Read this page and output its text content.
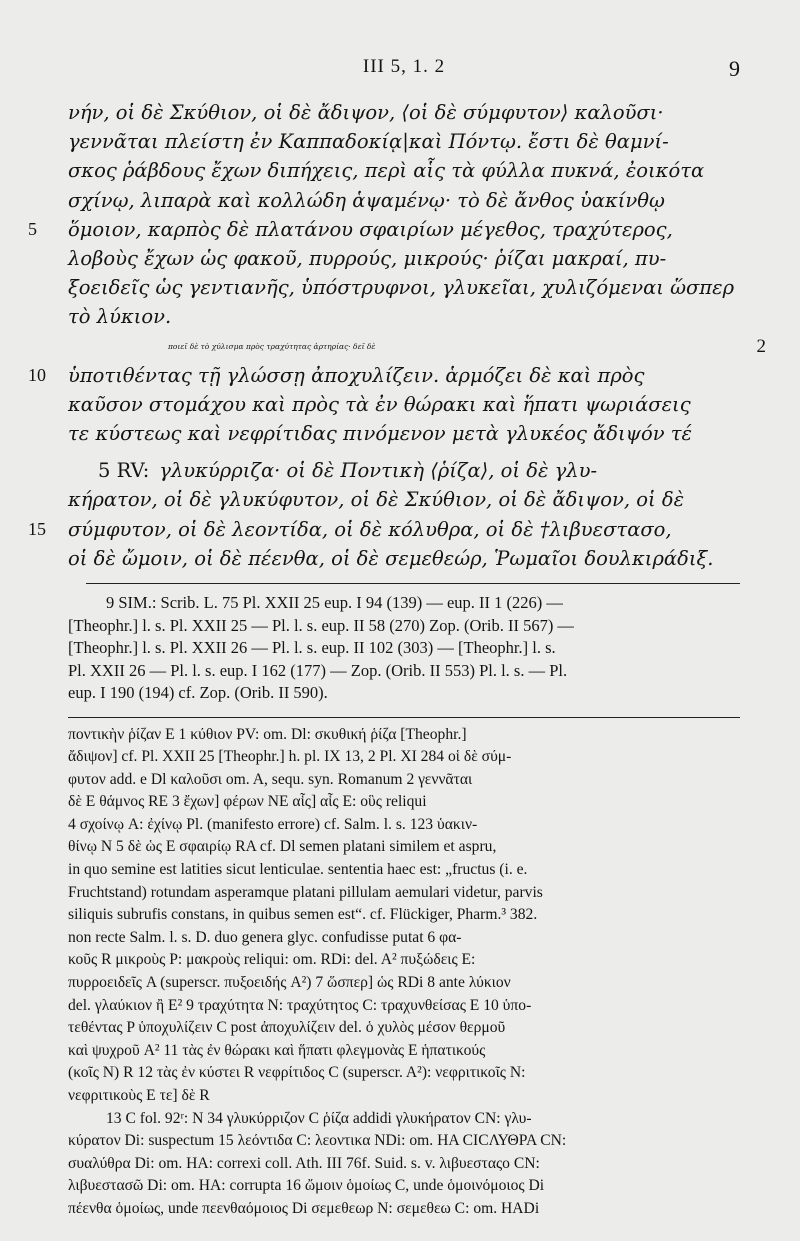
III 5, 1. 2	9
νήν, οἱ δὲ Σκύθιον, οἱ δὲ ἄδιψον, ⟨οἱ δὲ σύμφυτον⟩ καλοῦσι·
γεννᾶται πλείστη ἐν Καππαδοκίᾳ|καὶ Πόντῳ. ἔστι δὲ θαμνί-
σκος ῥάβδους ἔχων διπήχεις, περὶ αἷς τὰ φύλλα πυκνά, ἐοικότα
σχίνῳ, λιπαρὰ καὶ κολλώδη ἁψαμένῳ· τὸ δὲ ἄνθος ὑακίνθῳ
5	ὅμοιον, καρπὸς δὲ πλατάνου σφαιρίων μέγεθος, τραχύτερος,
λοβοὺς ἔχων ὡς φακοῦ, πυρρούς, μικρούς· ῥίζαι μακραί, πυ-
ξοειδεῖς ὡς γεντιανῆς, ὑπόστρυφνοι, γλυκεῖαι, χυλιζόμεναι ὥσπερ
τὸ λύκιον.
ποιεῖ δὲ τὸ χύλισμα πρὸς τραχύτητας ἀρτηρίας· δεῖ δὲ	2
10	ὑποτιθέντας τῇ γλώσσῃ ἀποχυλίζειν. ἁρμόζει δὲ καὶ πρὸς
καῦσον στομάχου καὶ πρὸς τὰ ἐν θώρακι καὶ ἥπατι ψωριάσεις
τε κύστεως καὶ νεφρίτιδας πινόμενον μετὰ γλυκέος ἄδιψόν τέ
5 RV: γλυκύρριζα· οἱ δὲ Ποντικὴ ⟨ῥίζα⟩, οἱ δὲ γλυ-
κήρατον, οἱ δὲ γλυκύφυτον, οἱ δὲ Σκύθιον, οἱ δὲ ἄδιψον, οἱ δὲ
15	σύμφυτον, οἱ δὲ λεοντίδα, οἱ δὲ κόλυθρα, οἱ δὲ †λιβυεστασο,
οἱ δὲ ὤμοιν, οἱ δὲ πέενθα, οἱ δὲ σεμεθεώρ, Ῥωμαῖοι δουλκιράδιξ.
9 SIM.: Scrib. L. 75 Pl. XXII 25 eup. I 94 (139) — eup. II 1 (226) —
[Theophr.] l. s. Pl. XXII 25 — Pl. l. s. eup. II 58 (270) Zop. (Orib. II 567) —
[Theophr.] l. s. Pl. XXII 26 — Pl. l. s. eup. II 102 (303) — [Theophr.] l. s.
Pl. XXII 26 — Pl. l. s. eup. I 162 (177) — Zop. (Orib. II 553) Pl. l. s. — Pl.
eup. I 190 (194) cf. Zop. (Orib. II 590).
ποντικὴν ῥίζαν E 1 κύθιον PV: om. Dl: σκυθική ῥίζα [Theophr.]
ἄδιψον] cf. Pl. XXII 25 [Theophr.] h. pl. IX 13, 2 Pl. XI 284 οἱ δὲ σύμ-
φυτον add. e Dl καλοῦσι om. A, sequ. syn. Romanum 2 γεννᾶται
δὲ E θάμνος RE 3 ἔχων] φέρων NE αἷς] αἷς E: οὓς reliqui
4 σχοίνῳ A: ἐχίνῳ Pl. (manifesto errore) cf. Salm. l. s. 123 ὑακιν-
θίνῳ N 5 δὲ ὡς E σφαιρίῳ RA cf. Dl semen platani similem et aspru,
in quo semine est latities sicut lenticulae. sententia haec est: „fructus (i. e.
Fruchtstand) rotundam asperamque platani pillulam aemulari videtur, parvis
siliquis subrufis constans, in quibus semen est“. cf. Flückiger, Pharm.³ 382.
non recte Salm. l. s. D. duo genera glyc. confudisse putat 6 φα-
κοῦς R μικροὺς P: μακροὺς reliqui: om. RDi: del. A² πυξώδεις E:
πυρροειδεῖς A (superscr. πυξοειδής A²) 7 ὥσπερ] ὡς RDi 8 ante λύκιον
del. γλαύκιον ἢ E² 9 τραχύτητα N: τραχύτητος C: τραχυνθείσας E 10 ὑπο-
τεθέντας P ὑποχυλίζειν C post ἀποχυλίζειν del. ὁ χυλὸς μέσον θερμοῦ
καὶ ψυχροῦ A² 11 τὰς ἐν θώρακι καὶ ἥπατι φλεγμονὰς E ἡπατικούς
(κοῖς N) R 12 τὰς ἐν κύστει R νεφρίτιδος C (superscr. A²): νεφριτικοῖς N:
νεφριτικοὺς E τε] δὲ R
13 C fol. 92ʳ: N 34 γλυκύρριζον C ῥίζα addidi γλυκήρατον CN: γλυ-
κύρατον Di: suspectum 15 λεόντιδα C: λεοντικα NDi: om. HA CICΛΥΘΡΑ CN:
συαλύθρα Di: om. HA: correxi coll. Ath. III 76f. Suid. s. v. λιβυεσταςο CN:
λιβυεστασῶ Di: om. HA: corrupta 16 ὤμοιν ὁμοίως C, unde ὁμοινόμοιος Di
πέενθα ὁμοίως, unde πεενθαόμοιος Di σεμεθεωρ N: σεμεθεω C: om. HADi
